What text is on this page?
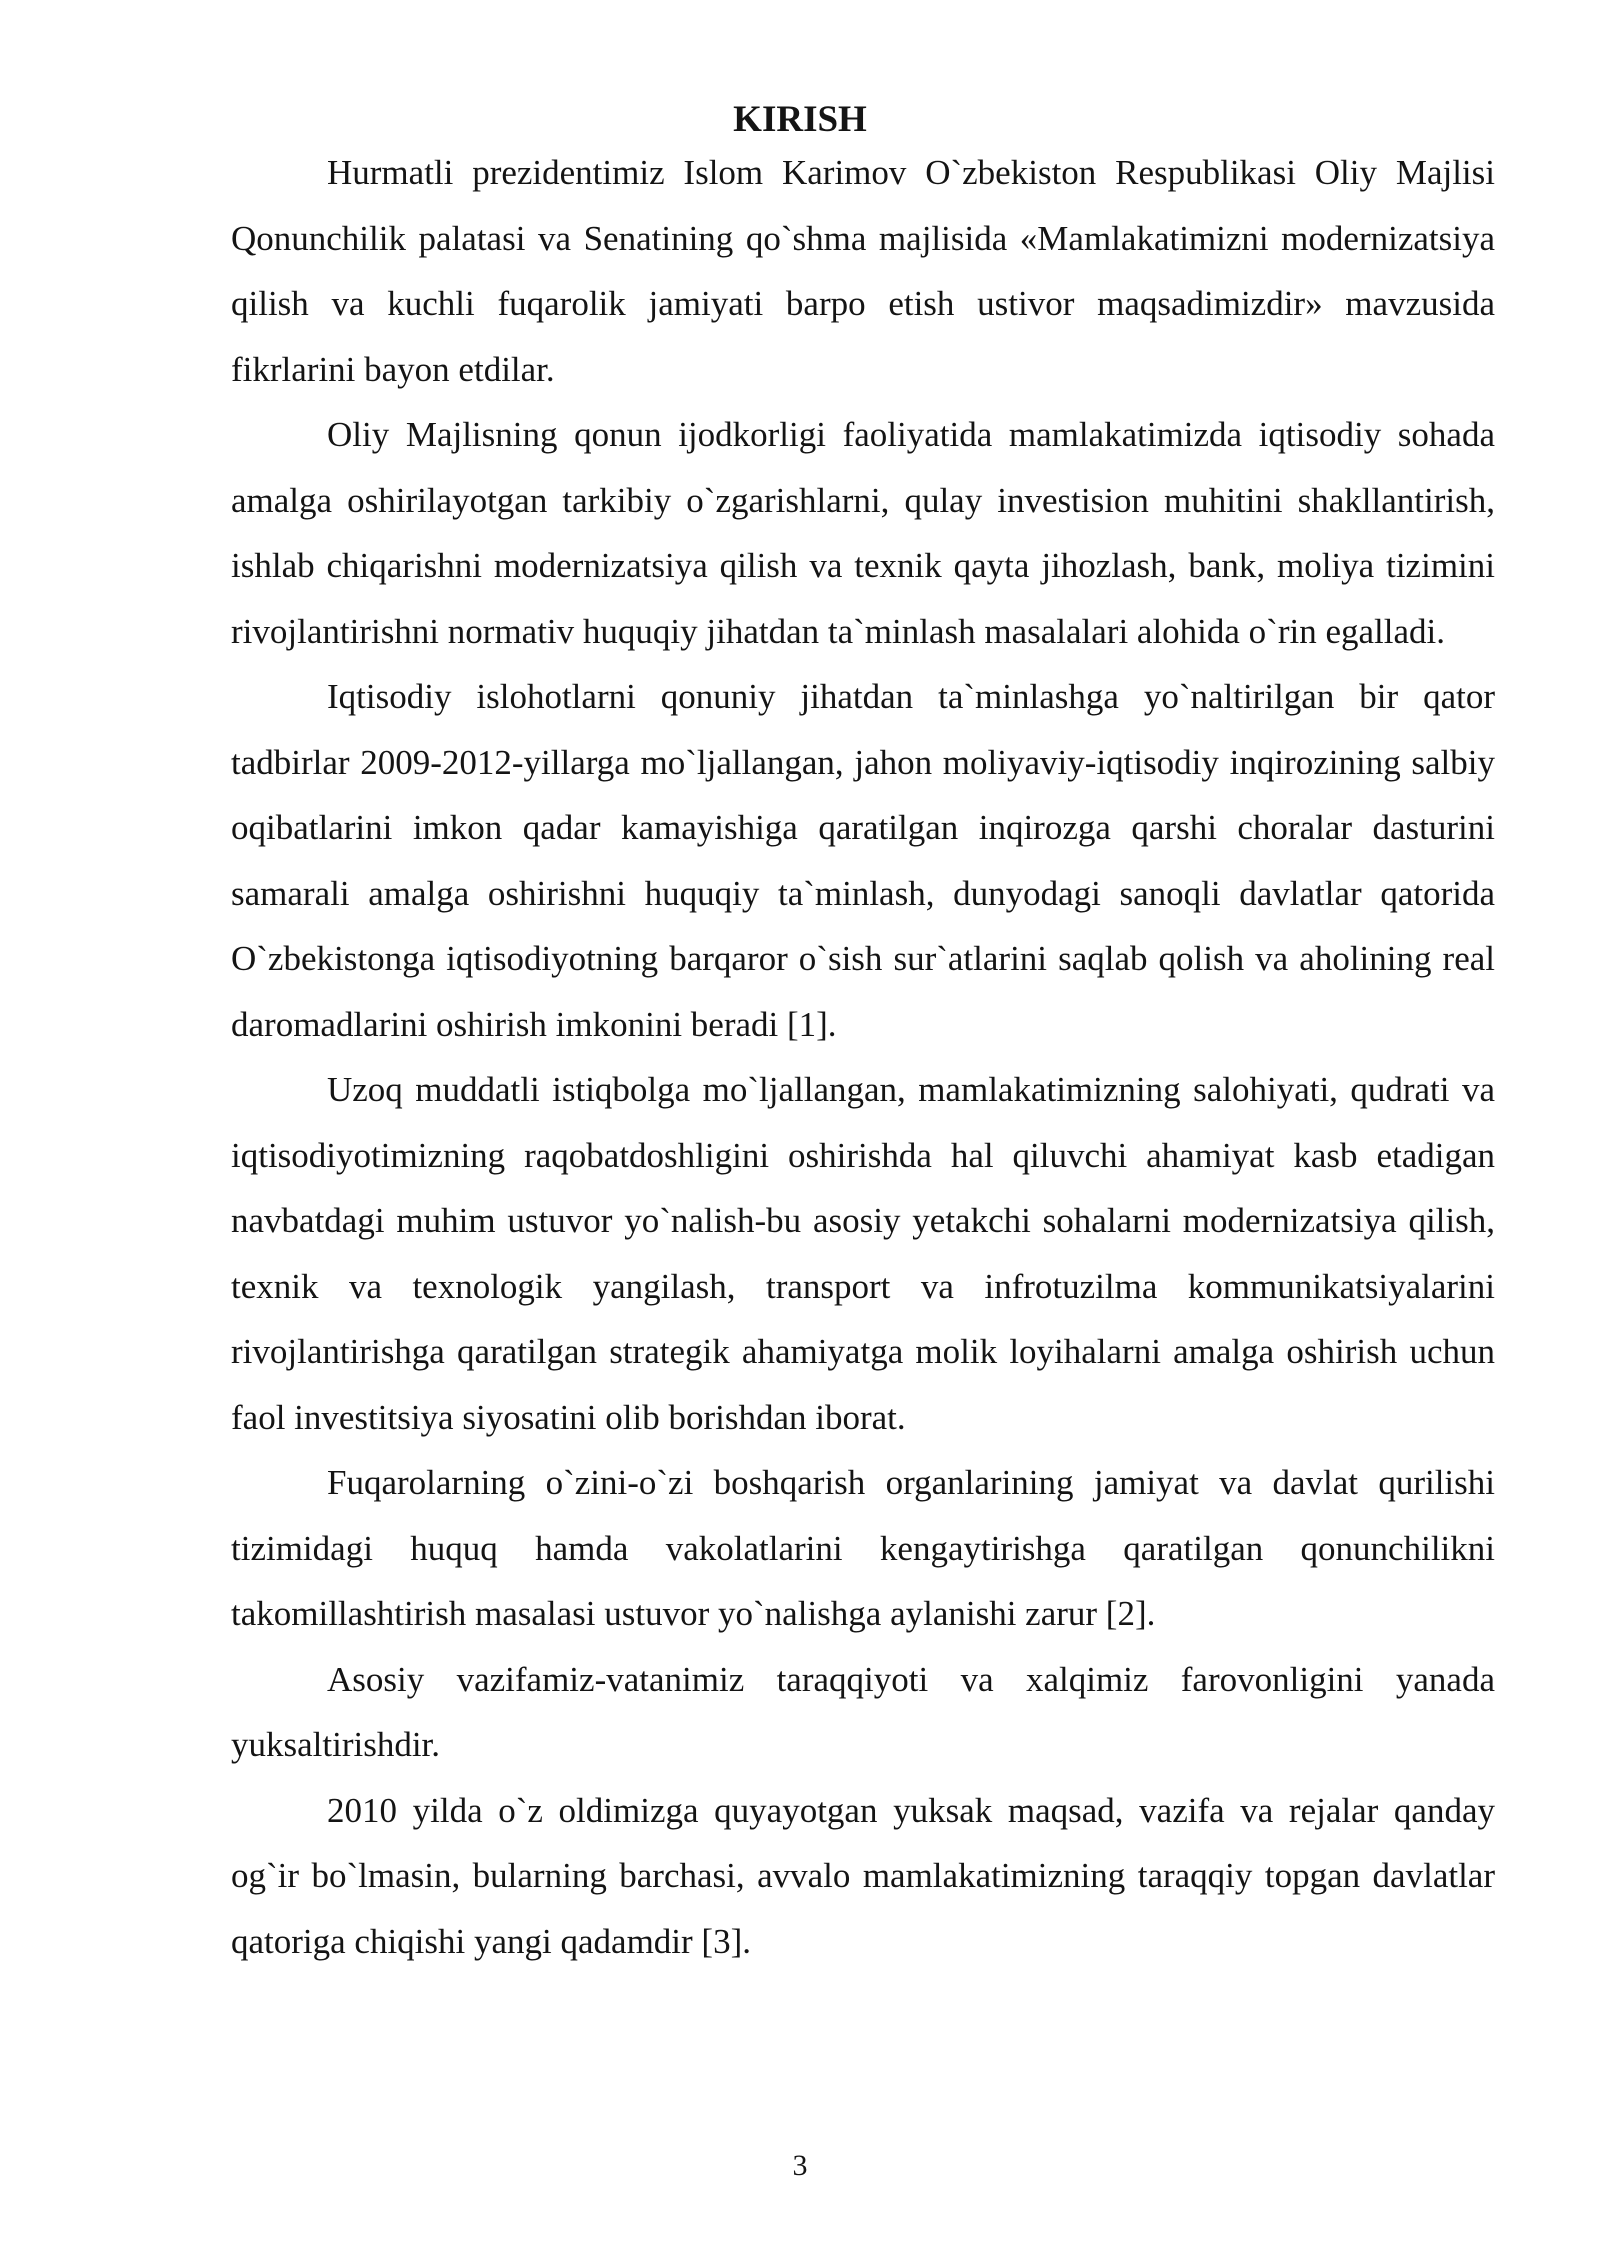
KIRISH

Hurmatli prezidentimiz Islom Karimov O`zbekiston Respublikasi Oliy Majlisi Qonunchilik palatasi va Senatining qo`shma majlisida «Mamlakatimizni modernizatsiya qilish va kuchli fuqarolik jamiyati barpo etish ustivor maqsadimizdir» mavzusida fikrlarini bayon etdilar.

Oliy Majlisning qonun ijodkorligi faoliyatida mamlakatimizda iqtisodiy sohada amalga oshirilayotgan tarkibiy o`zgarishlarni, qulay investision muhitini shakllantirish, ishlab chiqarishni modernizatsiya qilish va texnik qayta jihozlash, bank, moliya tizimini rivojlantirishni normativ huquqiy jihatdan ta`minlash masalalari alohida o`rin egalladi.

Iqtisodiy islohotlarni qonuniy jihatdan ta`minlashga yo`naltirilgan bir qator tadbirlar 2009-2012-yillarga mo`ljallangan, jahon moliyaviy-iqtisodiy inqirozining salbiy oqibatlarini imkon qadar kamayishiga qaratilgan inqirozga qarshi choralar dasturini samarali amalga oshirishni huquqiy ta`minlash, dunyodagi sanoqli davlatlar qatorida O`zbekistonga iqtisodiyotning barqaror o`sish sur`atlarini saqlab qolish va aholining real daromadlarini oshirish imkonini beradi [1].

Uzoq muddatli istiqbolga mo`ljallangan, mamlakatimizning salohiyati, qudrati va iqtisodiyotimizning raqobatdoshligini oshirishda hal qiluvchi ahamiyat kasb etadigan navbatdagi muhim ustuvor yo`nalish-bu asosiy yetakchi sohalarni modernizatsiya qilish, texnik va texnologik yangilash, transport va infrotuzilma kommunikatsiyalarini rivojlantirishga qaratilgan strategik ahamiyatga molik loyihalarni amalga oshirish uchun faol investitsiya siyosatini olib borishdan iborat.

Fuqarolarning o`zini-o`zi boshqarish organlarining jamiyat va davlat qurilishi tizimidagi huquq hamda vakolatlarini kengaytirishga qaratilgan qonunchilikni takomillashtirish masalasi ustuvor yo`nalishga aylanishi zarur [2].

Asosiy vazifamiz-vatanimiz taraqqiyoti va xalqimiz farovonligini yanada yuksaltirishdir.

2010 yilda o`z oldimizga quyayotgan yuksak maqsad, vazifa va rejalar qanday og`ir bo`lmasin, bularning barchasi, avvalo mamlakatimizning taraqqiy topgan davlatlar qatoriga chiqishi yangi qadamdir [3].

3
